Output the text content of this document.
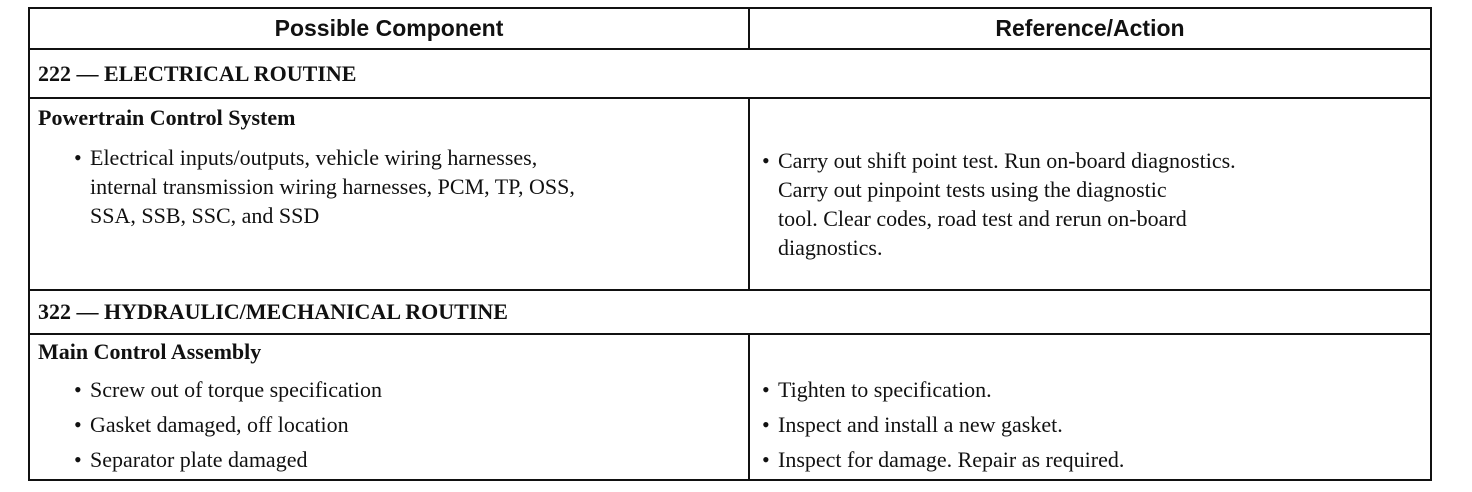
Possible Component	Reference/Action
222 — ELECTRICAL ROUTINE
Powertrain Control System
• Electrical inputs/outputs, vehicle wiring harnesses,
internal transmission wiring harnesses, PCM, TP, OSS,
SSA, SSB, SSC, and SSD
• Carry out shift point test. Run on-board diagnostics.
Carry out pinpoint tests using the diagnostic
tool. Clear codes, road test and rerun on-board
diagnostics.
322 — HYDRAULIC/MECHANICAL ROUTINE
Main Control Assembly
• Screw out of torque specification
• Gasket damaged, off location
• Separator plate damaged
• Tighten to specification.
• Inspect and install a new gasket.
• Inspect for damage. Repair as required.
